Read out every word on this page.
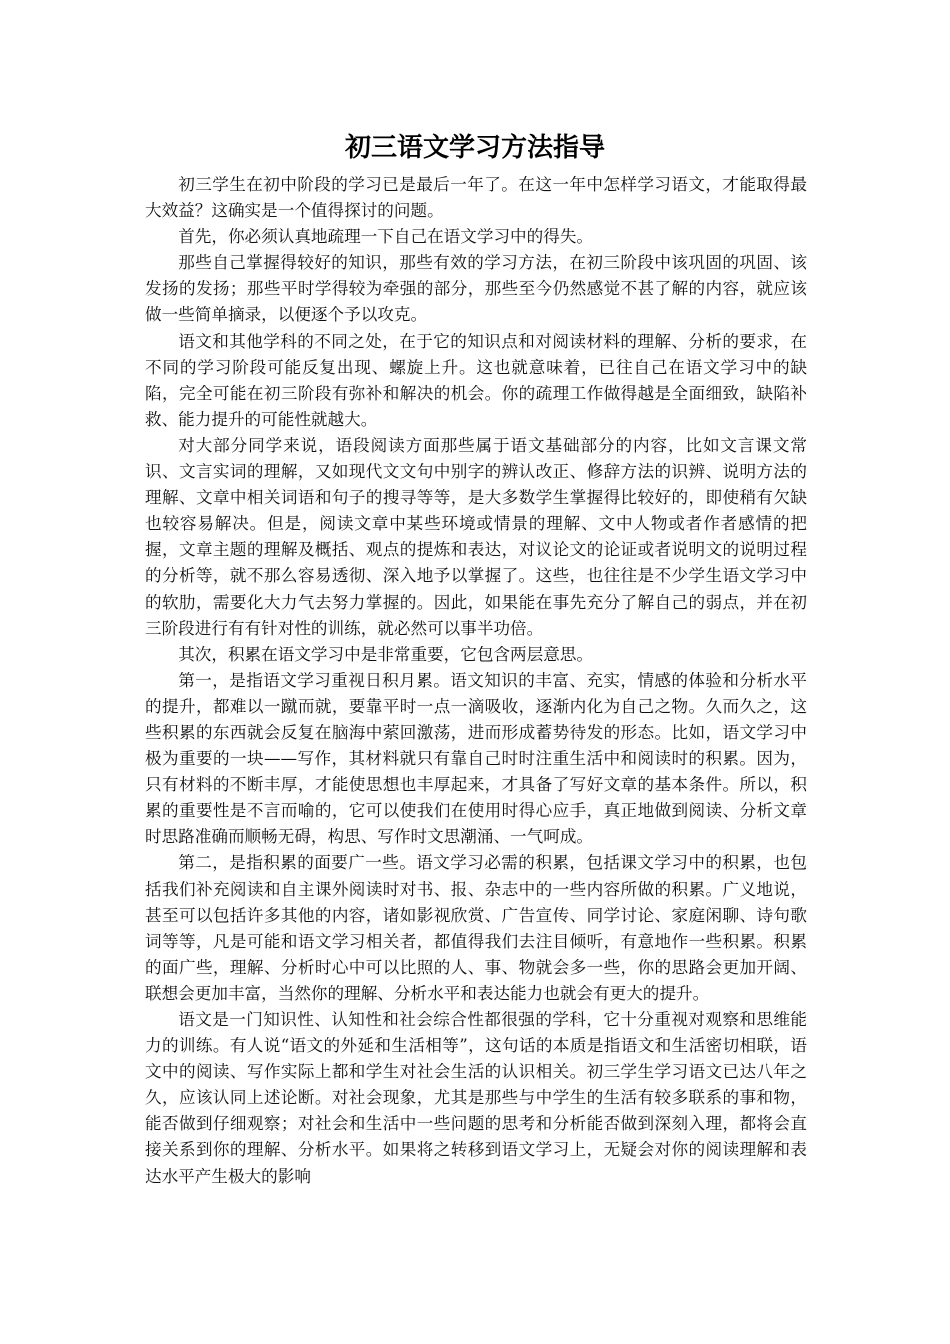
初三语文学习方法指导

初三学生在初中阶段的学习已是最后一年了。在这一年中怎样学习语文，才能取得最大效益？这确实是一个值得探讨的问题。

首先，你必须认真地疏理一下自己在语文学习中的得失。

那些自己掌握得较好的知识，那些有效的学习方法，在初三阶段中该巩固的巩固、该发扬的发扬；那些平时学得较为牵强的部分，那些至今仍然感觉不甚了解的内容，就应该做一些简单摘录，以便逐个予以攻克。

语文和其他学科的不同之处，在于它的知识点和对阅读材料的理解、分析的要求，在不同的学习阶段可能反复出现、螺旋上升。这也就意味着，已往自己在语文学习中的缺陷，完全可能在初三阶段有弥补和解决的机会。你的疏理工作做得越是全面细致，缺陷补救、能力提升的可能性就越大。

对大部分同学来说，语段阅读方面那些属于语文基础部分的内容，比如文言课文常识、文言实词的理解，又如现代文文句中别字的辨认改正、修辞方法的识辨、说明方法的理解、文章中相关词语和句子的搜寻等等，是大多数学生掌握得比较好的，即使稍有欠缺也较容易解决。但是，阅读文章中某些环境或情景的理解、文中人物或者作者感情的把握，文章主题的理解及概括、观点的提炼和表达，对议论文的论证或者说明文的说明过程的分析等，就不那么容易透彻、深入地予以掌握了。这些，也往往是不少学生语文学习中的软肋，需要化大力气去努力掌握的。因此，如果能在事先充分了解自己的弱点，并在初三阶段进行有有针对性的训练，就必然可以事半功倍。

其次，积累在语文学习中是非常重要，它包含两层意思。

第一，是指语文学习重视日积月累。语文知识的丰富、充实，情感的体验和分析水平的提升，都难以一蹴而就，要靠平时一点一滴吸收，逐渐内化为自己之物。久而久之，这些积累的东西就会反复在脑海中萦回激荡，进而形成蓄势待发的形态。比如，语文学习中极为重要的一块——写作，其材料就只有靠自己时时注重生活中和阅读时的积累。因为，只有材料的不断丰厚，才能使思想也丰厚起来，才具备了写好文章的基本条件。所以，积累的重要性是不言而喻的，它可以使我们在使用时得心应手，真正地做到阅读、分析文章时思路准确而顺畅无碍，构思、写作时文思潮涌、一气呵成。

第二，是指积累的面要广一些。语文学习必需的积累，包括课文学习中的积累，也包括我们补充阅读和自主课外阅读时对书、报、杂志中的一些内容所做的积累。广义地说，甚至可以包括许多其他的内容，诸如影视欣赏、广告宣传、同学讨论、家庭闲聊、诗句歌词等等，凡是可能和语文学习相关者，都值得我们去注目倾听，有意地作一些积累。积累的面广些，理解、分析时心中可以比照的人、事、物就会多一些，你的思路会更加开阔、联想会更加丰富，当然你的理解、分析水平和表达能力也就会有更大的提升。

语文是一门知识性、认知性和社会综合性都很强的学科，它十分重视对观察和思维能力的训练。有人说“语文的外延和生活相等”，这句话的本质是指语文和生活密切相联，语文中的阅读、写作实际上都和学生对社会生活的认识相关。初三学生学习语文已达八年之久，应该认同上述论断。对社会现象，尤其是那些与中学生的生活有较多联系的事和物，能否做到仔细观察；对社会和生活中一些问题的思考和分析能否做到深刻入理，都将会直接关系到你的理解、分析水平。如果将之转移到语文学习上，无疑会对你的阅读理解和表达水平产生极大的影响
